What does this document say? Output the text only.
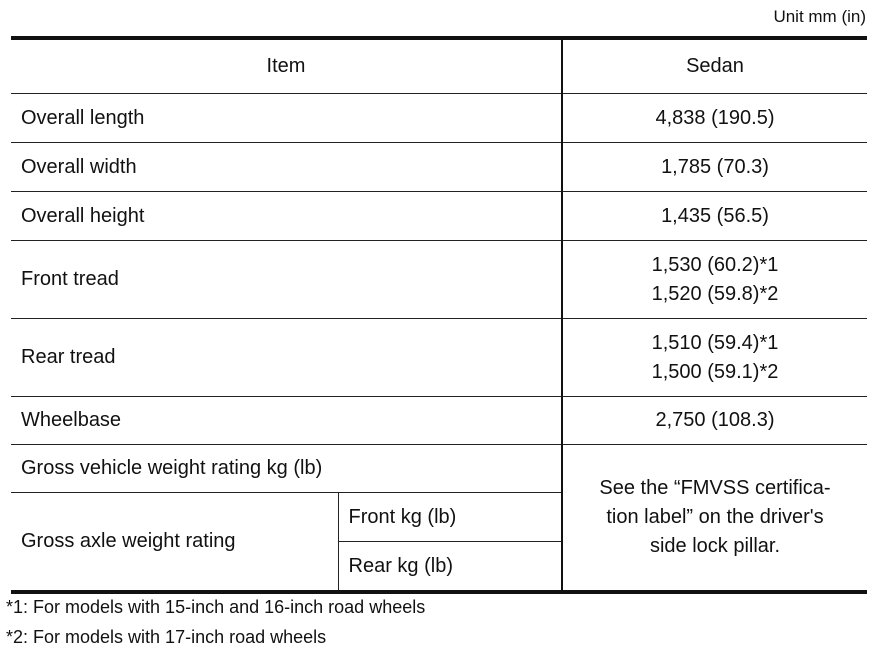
Unit mm (in)
Item		Sedan
Overall length		4,838 (190.5)
Overall width		1,785 (70.3)
Overall height		1,435 (56.5)
Front tread		1,530 (60.2)*1
1,520 (59.8)*2

Rear tread		1,510 (59.4)*1
1,500 (59.1)*2

Wheelbase		2,750 (108.3)
Gross vehicle weight rating kg (lb)		See the “FMVSS certifica-
tion label” on the driver's
side lock pillar.

Gross axle weight rating	Front kg (lb)	
	Rear kg (lb)	
*1: For models with 15-inch and 16-inch road wheels
*2: For models with 17-inch road wheels
